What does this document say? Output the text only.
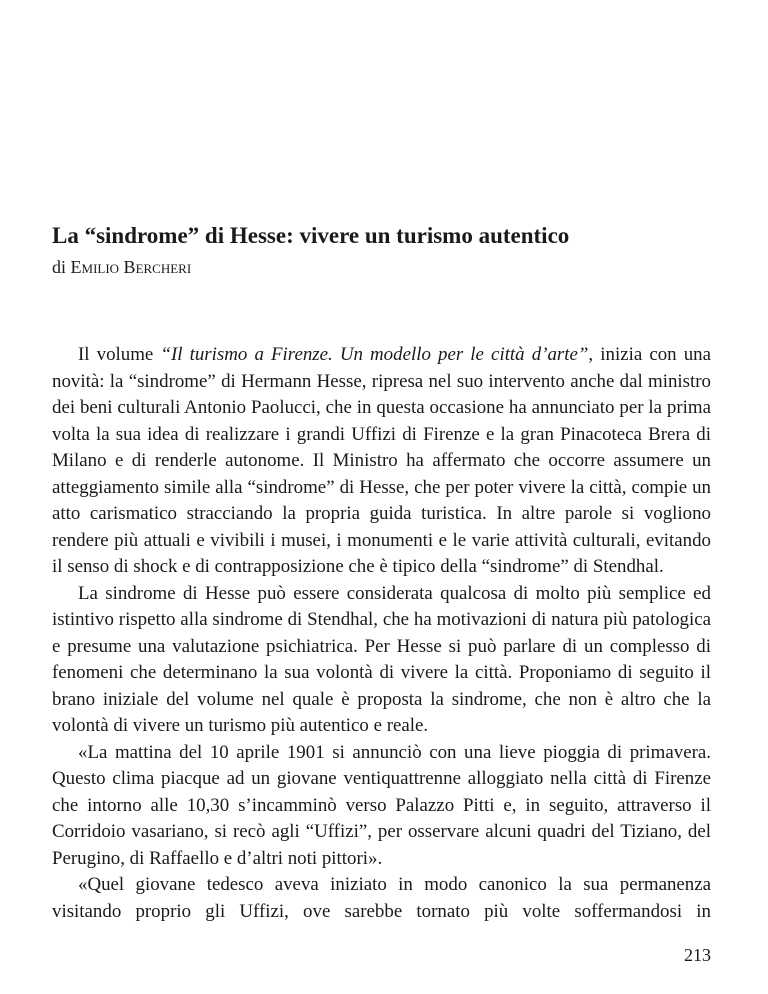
La “sindrome” di Hesse: vivere un turismo autentico
di Emilio Bercheri

Il volume “Il turismo a Firenze. Un modello per le città d’arte”, inizia con una novità: la “sindrome” di Hermann Hesse, ripresa nel suo intervento anche dal ministro dei beni culturali Antonio Paolucci, che in questa occasione ha annunciato per la prima volta la sua idea di realizzare i grandi Uffizi di Firenze e la gran Pinacoteca Brera di Milano e di renderle autonome. Il Ministro ha affermato che occorre assumere un atteggiamento simile alla “sindrome” di Hesse, che per poter vivere la città, compie un atto carismatico stracciando la propria guida turistica. In altre parole si vogliono rendere più attuali e vivibili i musei, i monumenti e le varie attività culturali, evitando il senso di shock e di contrapposizione che è tipico della “sindrome” di Stendhal.

La sindrome di Hesse può essere considerata qualcosa di molto più semplice ed istintivo rispetto alla sindrome di Stendhal, che ha motivazioni di natura più patologica e presume una valutazione psichiatrica. Per Hesse si può parlare di un complesso di fenomeni che determinano la sua volontà di vivere la città. Proponiamo di seguito il brano iniziale del volume nel quale è proposta la sindrome, che non è altro che la volontà di vivere un turismo più autentico e reale.

«La mattina del 10 aprile 1901 si annunciò con una lieve pioggia di primavera. Questo clima piacque ad un giovane ventiquattrenne alloggiato nella città di Firenze che intorno alle 10,30 s’incamminò verso Palazzo Pitti e, in seguito, attraverso il Corridoio vasariano, si recò agli “Uffizi”, per osservare alcuni quadri del Tiziano, del Perugino, di Raffaello e d’altri noti pittori».

«Quel giovane tedesco aveva iniziato in modo canonico la sua permanenza visitando proprio gli Uffizi, ove sarebbe tornato più volte soffermandosi in

213
